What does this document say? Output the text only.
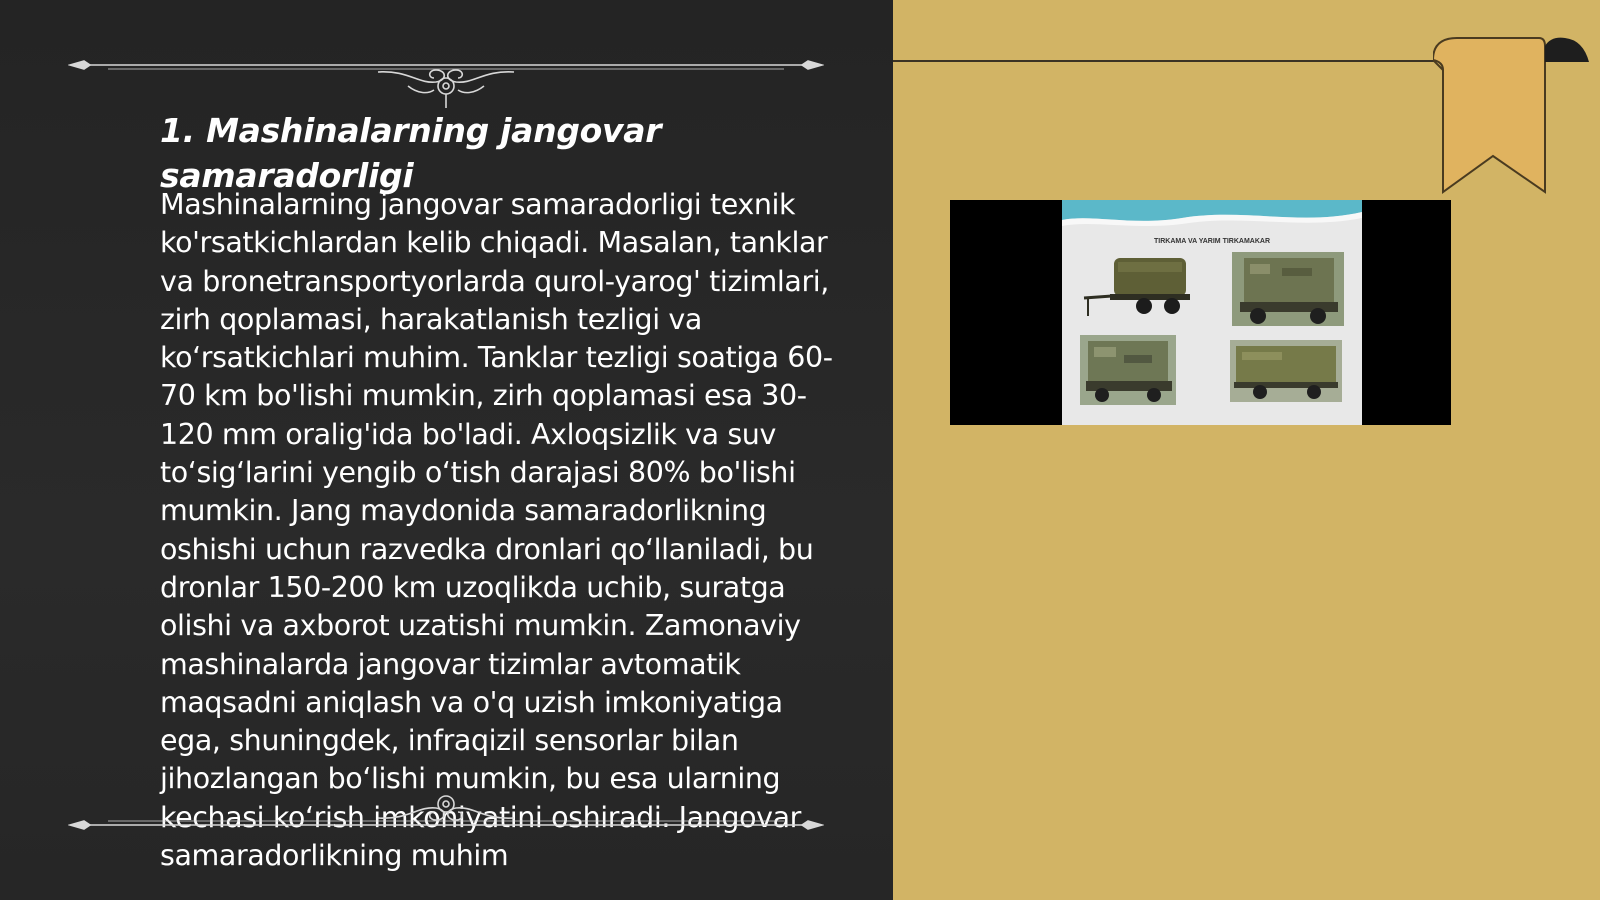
1. Mashinalarning jangovar samaradorligi
Mashinalarning jangovar samaradorligi texnik ko'rsatkichlardan kelib chiqadi. Masalan, tanklar va bronetransportyorlarda qurol-yarog' tizimlari, zirh qoplamasi, harakatlanish tezligi va ko‘rsatkichlari muhim. Tanklar tezligi soatiga 60-70 km bo'lishi mumkin, zirh qoplamasi esa 30-120 mm oralig'ida bo'ladi. Axloqsizlik va suv to‘sig‘larini yengib o‘tish darajasi 80% bo'lishi mumkin. Jang maydonida samaradorlikning oshishi uchun razvedka dronlari qo‘llaniladi, bu dronlar 150-200 km uzoqlikda uchib, suratga olishi va axborot uzatishi mumkin. Zamonaviy mashinalarda jangovar tizimlar avtomatik maqsadni aniqlash va o'q uzish imkoniyatiga ega, shuningdek, infraqizil sensorlar bilan jihozlangan bo‘lishi mumkin, bu esa ularning kechasi ko‘rish imkoniyatini oshiradi. Jangovar samaradorlikning muhim
TIRKAMA VA YARIM TIRKAMAKAR
